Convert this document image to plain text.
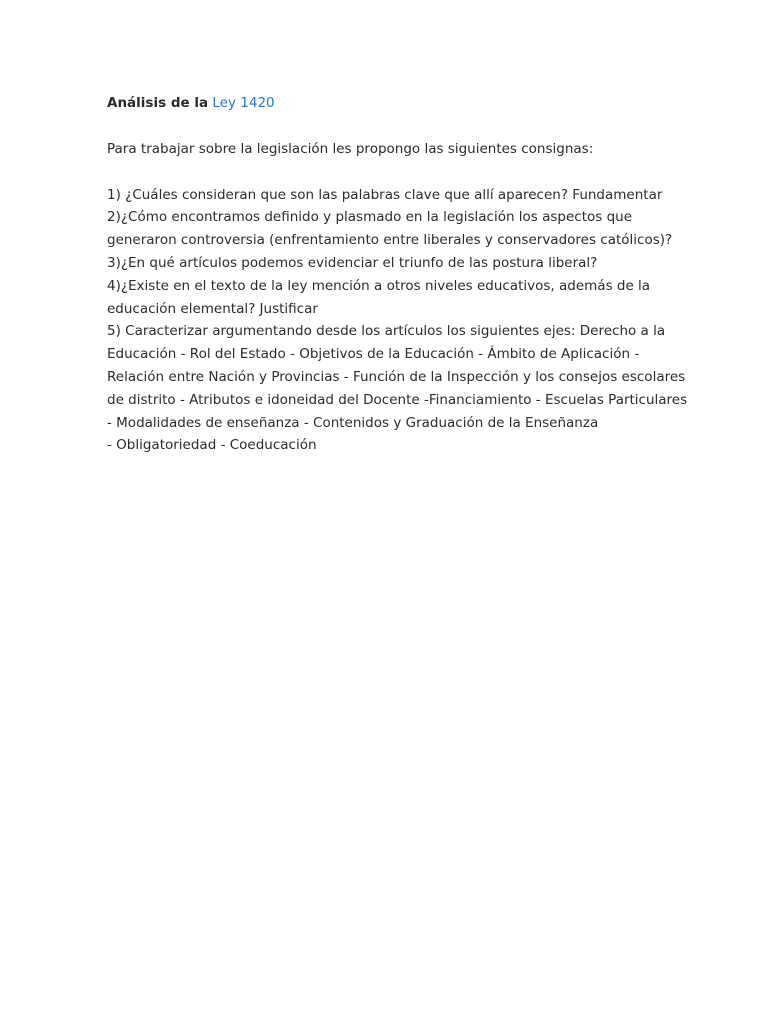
Análisis de la Ley 1420

Para trabajar sobre la legislación les propongo las siguientes consignas:

1) ¿Cuáles consideran que son las palabras clave que allí aparecen? Fundamentar
2)¿Cómo encontramos definido y plasmado en la legislación los aspectos que
generaron controversia (enfrentamiento entre liberales y conservadores católicos)?
3)¿En qué artículos podemos evidenciar el triunfo de las postura liberal?
4)¿Existe en el texto de la ley mención a otros niveles educativos, además de la
educación elemental? Justificar
5) Caracterizar argumentando desde los artículos los siguientes ejes: Derecho a la
Educación - Rol del Estado - Objetivos de la Educación - Ámbito de Aplicación -
Relación entre Nación y Provincias - Función de la Inspección y los consejos escolares
de distrito - Atributos e idoneidad del Docente -Financiamiento - Escuelas Particulares
- Modalidades de enseñanza - Contenidos y Graduación de la Enseñanza
- Obligatoriedad - Coeducación
